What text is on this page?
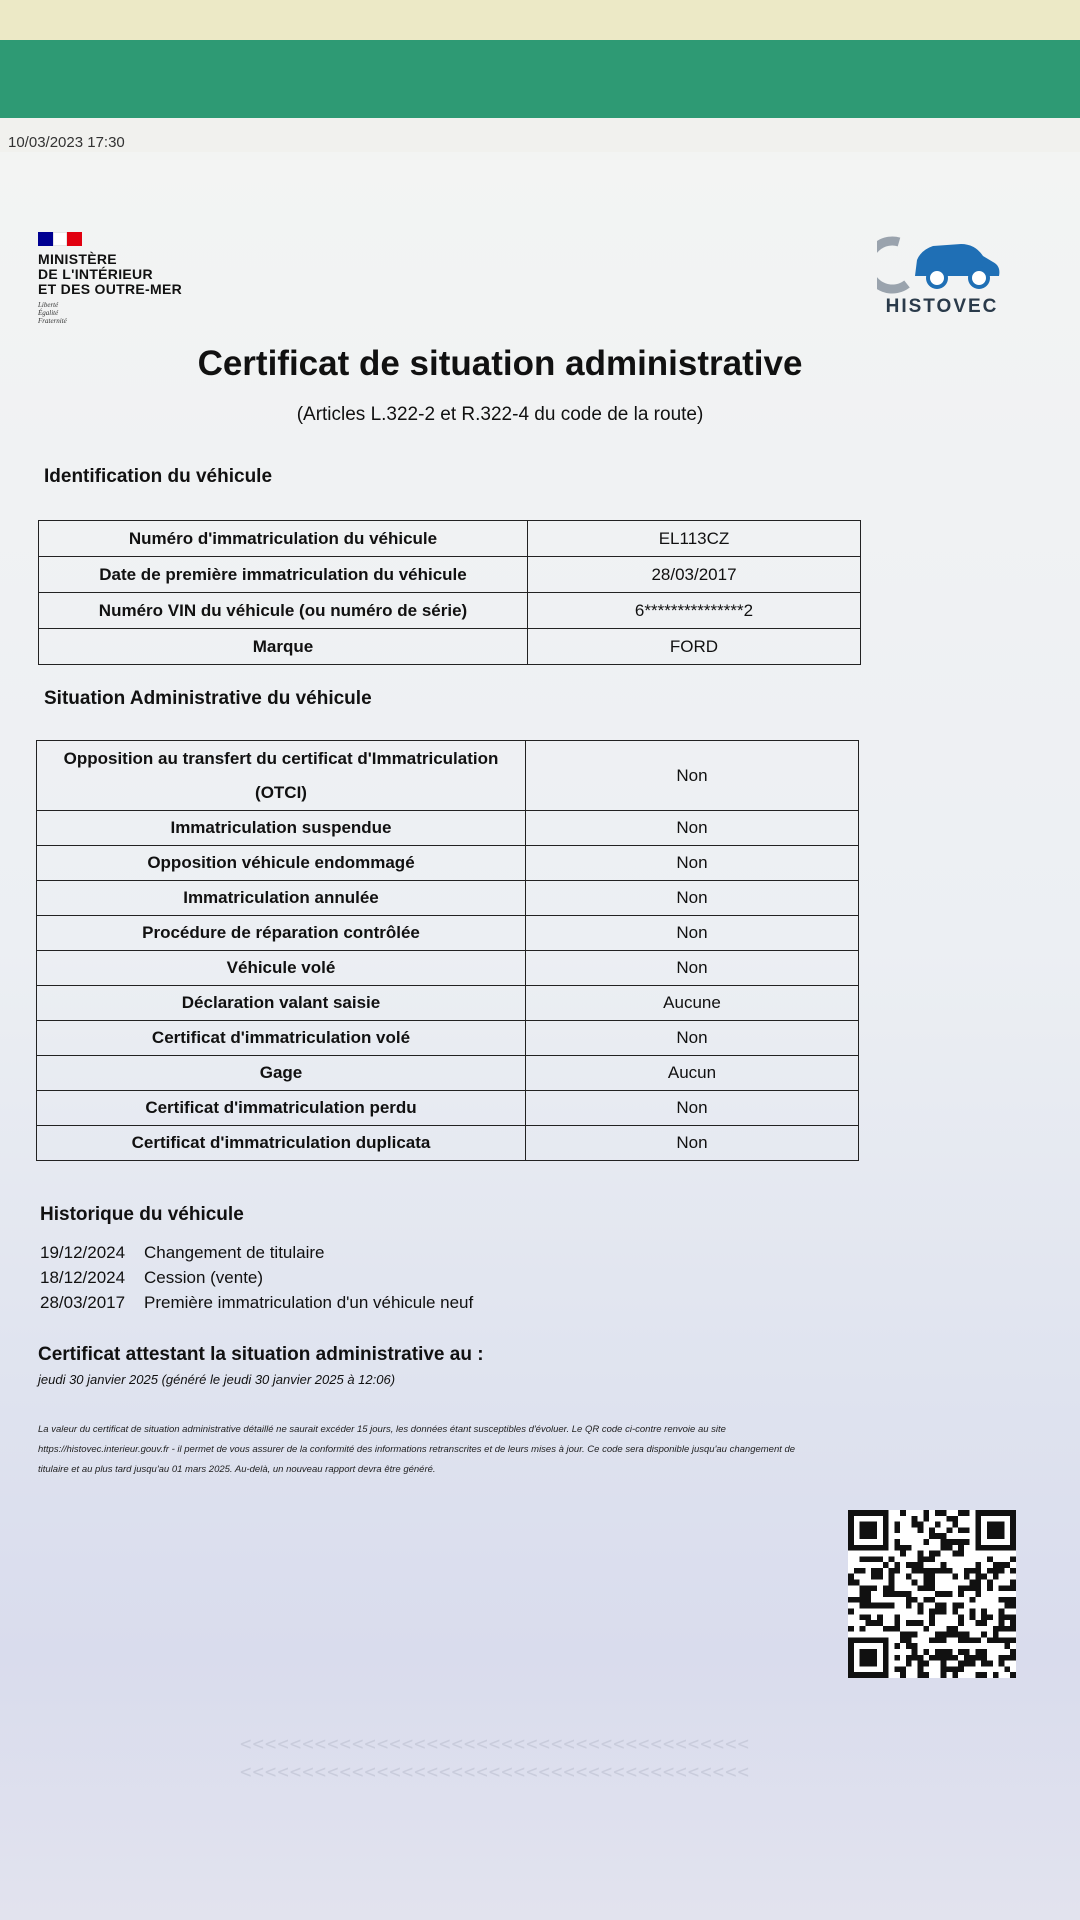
10/03/2023 17:30
MINISTÈRE
DE L'INTÉRIEUR
ET DES OUTRE-MER
Liberté
Égalité
Fraternité
HISTOVEC
Certificat de situation administrative
(Articles L.322-2 et R.322-4 du code de la route)
Identification du véhicule
Numéro d'immatriculation du véhicule	EL113CZ
Date de première immatriculation du véhicule	28/03/2017
Numéro VIN du véhicule (ou numéro de série)	6***************2
Marque	FORD
Situation Administrative du véhicule
Opposition au transfert du certificat d'Immatriculation (OTCI)	Non
Immatriculation suspendue	Non
Opposition véhicule endommagé	Non
Immatriculation annulée	Non
Procédure de réparation contrôlée	Non
Véhicule volé	Non
Déclaration valant saisie	Aucune
Certificat d'immatriculation volé	Non
Gage	Aucun
Certificat d'immatriculation perdu	Non
Certificat d'immatriculation duplicata	Non
Historique du véhicule
19/12/2024 Changement de titulaire
18/12/2024 Cession (vente)
28/03/2017 Première immatriculation d'un véhicule neuf
Certificat attestant la situation administrative au :
jeudi 30 janvier 2025 (généré le jeudi 30 janvier 2025 à 12:06)
La valeur du certificat de situation administrative détaillé ne saurait excéder 15 jours, les données étant susceptibles d'évoluer. Le QR code ci-contre renvoie au site https://histovec.interieur.gouv.fr - il permet de vous assurer de la conformité des informations retranscrites et de leurs mises à jour. Ce code sera disponible jusqu'au changement de titulaire et au plus tard jusqu'au 01 mars 2025. Au-delà, un nouveau rapport devra être généré.
<<<<<<<<<<<<<<<<<<<<<<<<<<<<<<<<<<<<<<<<<
<<<<<<<<<<<<<<<<<<<<<<<<<<<<<<<<<<<<<<<<<
